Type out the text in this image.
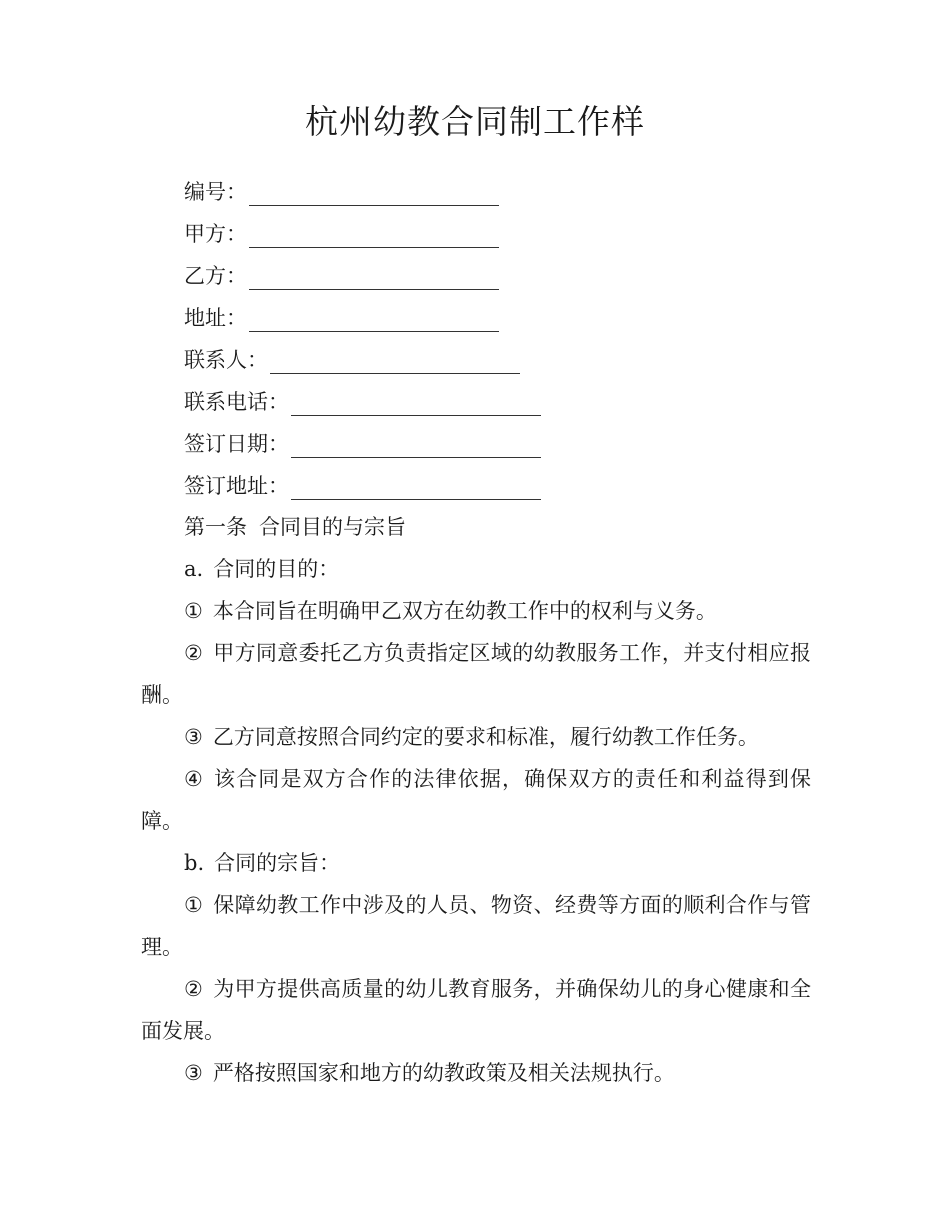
杭州幼教合同制工作样
编号：
甲方：
乙方：
地址：
联系人：
联系电话：
签订日期：
签订地址：

第一条 合同目的与宗旨

a. 合同的目的：

① 本合同旨在明确甲乙双方在幼教工作中的权利与义务。

② 甲方同意委托乙方负责指定区域的幼教服务工作，并支付相应报酬。

③ 乙方同意按照合同约定的要求和标准，履行幼教工作任务。

④ 该合同是双方合作的法律依据，确保双方的责任和利益得到保障。

b. 合同的宗旨：

① 保障幼教工作中涉及的人员、物资、经费等方面的顺利合作与管理。

② 为甲方提供高质量的幼儿教育服务，并确保幼儿的身心健康和全面发展。

③ 严格按照国家和地方的幼教政策及相关法规执行。
